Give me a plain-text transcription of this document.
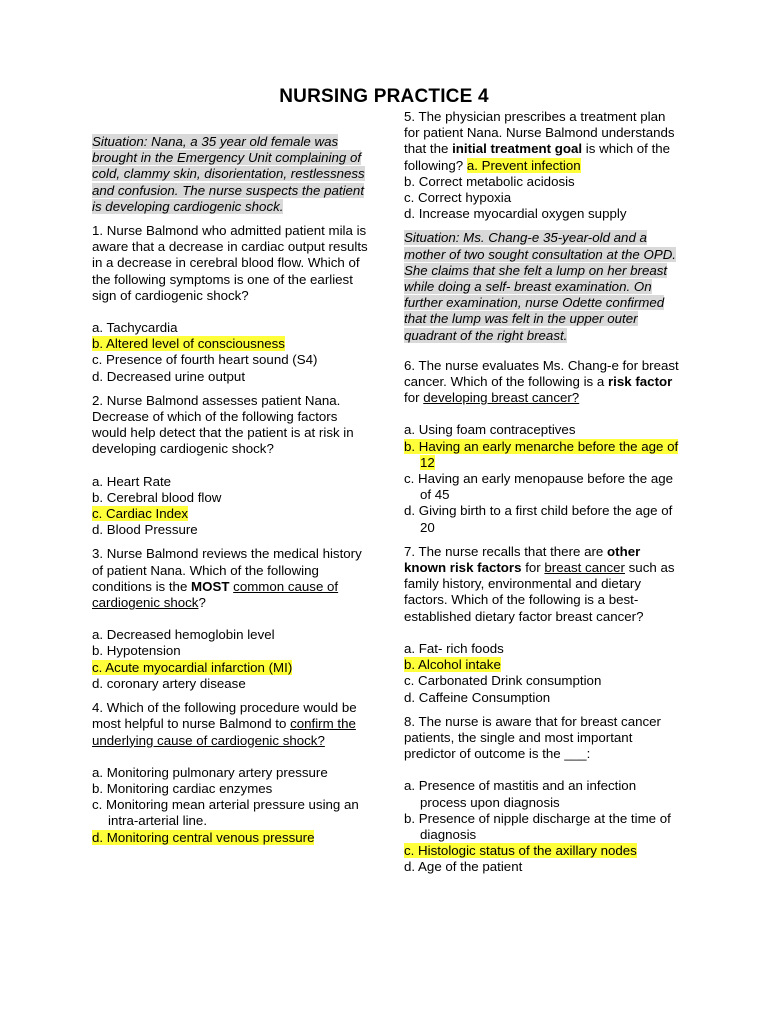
NURSING PRACTICE 4

Situation: Nana, a 35 year old female was brought in the Emergency Unit complaining of cold, clammy skin, disorientation, restlessness and confusion. The nurse suspects the patient is developing cardiogenic shock.

1. Nurse Balmond who admitted patient mila is aware that a decrease in cardiac output results in a decrease in cerebral blood flow. Which of the following symptoms is one of the earliest sign of cardiogenic shock?
a. Tachycardia
b. Altered level of consciousness
c. Presence of fourth heart sound (S4)
d. Decreased urine output
2. Nurse Balmond assesses patient Nana. Decrease of which of the following factors would help detect that the patient is at risk in developing cardiogenic shock?
a. Heart Rate
b. Cerebral blood flow
c. Cardiac Index
d. Blood Pressure
3. Nurse Balmond reviews the medical history of patient Nana. Which of the following conditions is the MOST common cause of cardiogenic shock?
a. Decreased hemoglobin level
b. Hypotension
c. Acute myocardial infarction (MI)
d. coronary artery disease
4. Which of the following procedure would be most helpful to nurse Balmond to confirm the underlying cause of cardiogenic shock?
a. Monitoring pulmonary artery pressure
b. Monitoring cardiac enzymes
c. Monitoring mean arterial pressure using an intra-arterial line.
d. Monitoring central venous pressure
5. The physician prescribes a treatment plan for patient Nana. Nurse Balmond understands that the initial treatment goal is which of the following? a. Prevent infection
b. Correct metabolic acidosis
c. Correct hypoxia
d. Increase myocardial oxygen supply

Situation: Ms. Chang-e 35-year-old and a mother of two sought consultation at the OPD. She claims that she felt a lump on her breast while doing a self- breast examination. On further examination, nurse Odette confirmed that the lump was felt in the upper outer quadrant of the right breast.

6. The nurse evaluates Ms. Chang-e for breast cancer. Which of the following is a risk factor for developing breast cancer?
a. Using foam contraceptives
b. Having an early menarche before the age of 12
c. Having an early menopause before the age of 45
d. Giving birth to a first child before the age of 20
7. The nurse recalls that there are other known risk factors for breast cancer such as family history, environmental and dietary factors. Which of the following is a best-established dietary factor breast cancer?
a. Fat- rich foods
b. Alcohol intake
c. Carbonated Drink consumption
d. Caffeine Consumption
8. The nurse is aware that for breast cancer patients, the single and most important predictor of outcome is the ___:
a. Presence of mastitis and an infection process upon diagnosis
b. Presence of nipple discharge at the time of diagnosis
c. Histologic status of the axillary nodes
d. Age of the patient
